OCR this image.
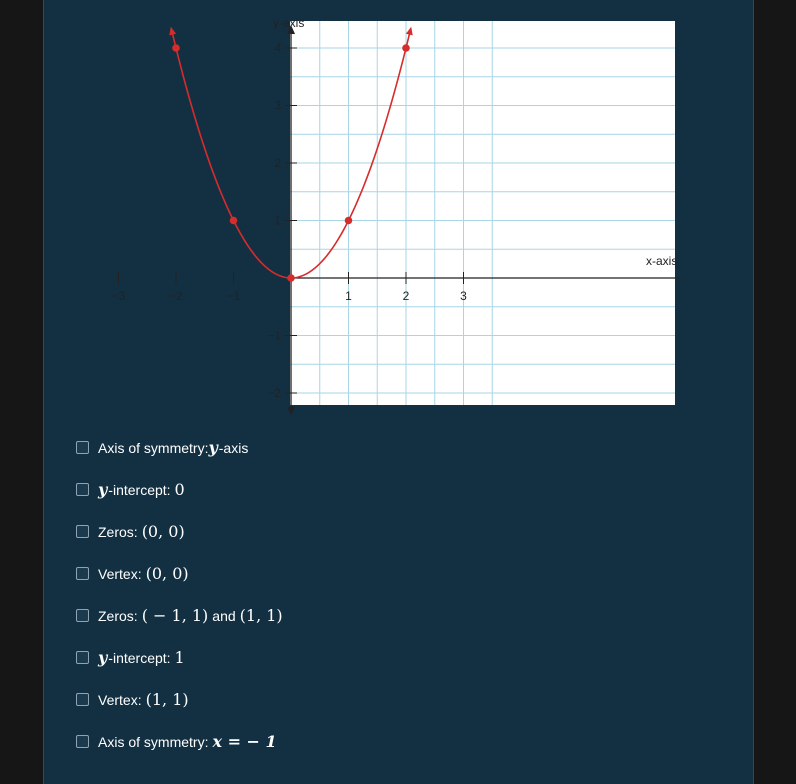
−3	−2	−1	1	2	3
4
3
2
1
−1
−2
y-axis
x-axis
Axis of symmetry: y -axis
y -intercept: 0
Zeros: (0, 0)
Vertex: (0, 0)
Zeros: ( − 1, 1) and (1, 1)
y -intercept: 1
Vertex: (1, 1)
Axis of symmetry: x = − 1
